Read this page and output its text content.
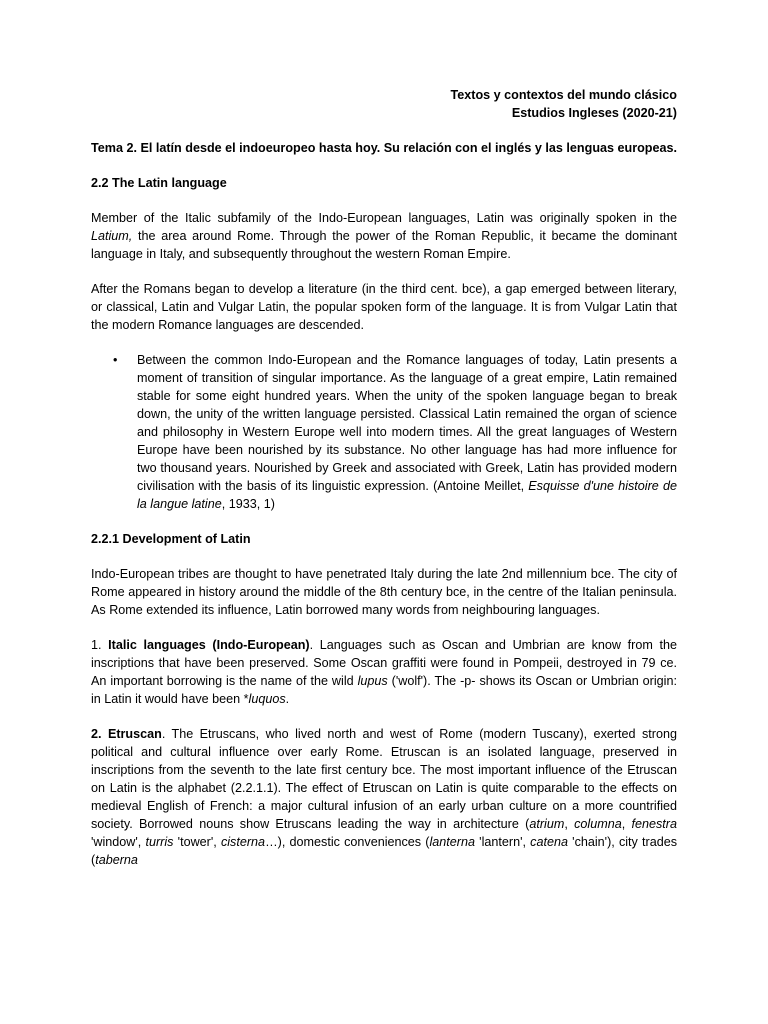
Textos y contextos del mundo clásico
Estudios Ingleses (2020-21)
Tema 2. El latín desde el indoeuropeo hasta hoy. Su relación con el inglés y las lenguas europeas.
2.2 The Latin language

Member of the Italic subfamily of the Indo-European languages, Latin was originally spoken in the Latium, the area around Rome. Through the power of the Roman Republic, it became the dominant language in Italy, and subsequently throughout the western Roman Empire.

After the Romans began to develop a literature (in the third cent. bce), a gap emerged between literary, or classical, Latin and Vulgar Latin, the popular spoken form of the language. It is from Vulgar Latin that the modern Romance languages are descended.

• Between the common Indo-European and the Romance languages of today, Latin presents a moment of transition of singular importance. As the language of a great empire, Latin remained stable for some eight hundred years. When the unity of the spoken language began to break down, the unity of the written language persisted. Classical Latin remained the organ of science and philosophy in Western Europe well into modern times. All the great languages of Western Europe have been nourished by its substance. No other language has had more influence for two thousand years. Nourished by Greek and associated with Greek, Latin has provided modern civilisation with the basis of its linguistic expression. (Antoine Meillet, Esquisse d'une histoire de la langue latine, 1933, 1)
2.2.1 Development of Latin

Indo-European tribes are thought to have penetrated Italy during the late 2nd millennium bce. The city of Rome appeared in history around the middle of the 8th century bce, in the centre of the Italian peninsula. As Rome extended its influence, Latin borrowed many words from neighbouring languages.

1. Italic languages (Indo-European). Languages such as Oscan and Umbrian are know from the inscriptions that have been preserved. Some Oscan graffiti were found in Pompeii, destroyed in 79 ce. An important borrowing is the name of the wild lupus ('wolf'). The -p- shows its Oscan or Umbrian origin: in Latin it would have been *luquos.

2. Etruscan. The Etruscans, who lived north and west of Rome (modern Tuscany), exerted strong political and cultural influence over early Rome. Etruscan is an isolated language, preserved in inscriptions from the seventh to the late first century bce. The most important influence of the Etruscan on Latin is the alphabet (2.2.1.1). The effect of Etruscan on Latin is quite comparable to the effects on medieval English of French: a major cultural infusion of an early urban culture on a more countrified society. Borrowed nouns show Etruscans leading the way in architecture (atrium, columna, fenestra 'window', turris 'tower', cisterna…), domestic conveniences (lanterna 'lantern', catena 'chain'), city trades (taberna
